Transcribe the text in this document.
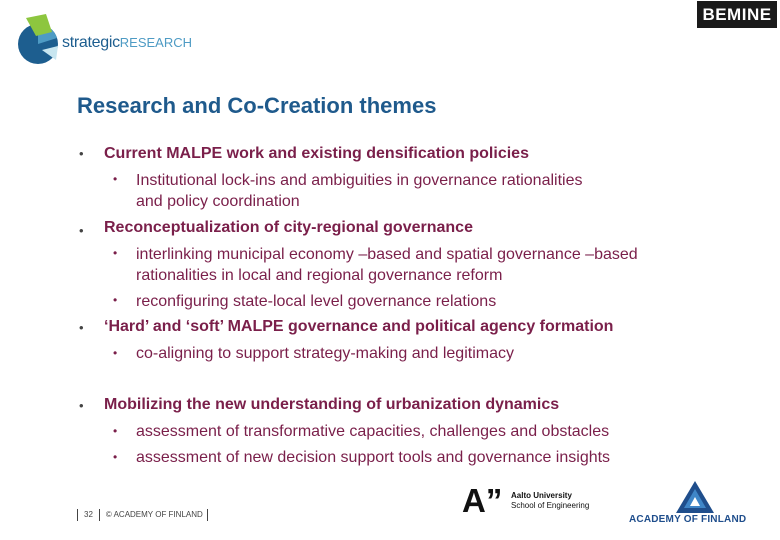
strategicRESEARCH
BEMINE
Research and Co-Creation themes
• Current MALPE work and existing densification policies
• Institutional lock-ins and ambiguities in governance rationalities
and policy coordination
• Reconceptualization of city-regional governance
• interlinking municipal economy –based and spatial governance –based
rationalities in local and regional governance reform
• reconfiguring state-local level governance relations
• ‘Hard’ and ‘soft’ MALPE governance and political agency formation
• co-aligning to support strategy-making and legitimacy
• Mobilizing the new understanding of urbanization dynamics
• assessment of transformative capacities, challenges and obstacles
• assessment of new decision support tools and governance insights
32 © ACADEMY OF FINLAND	A” Aalto University
School of Engineering
ACADEMY OF FINLAND
